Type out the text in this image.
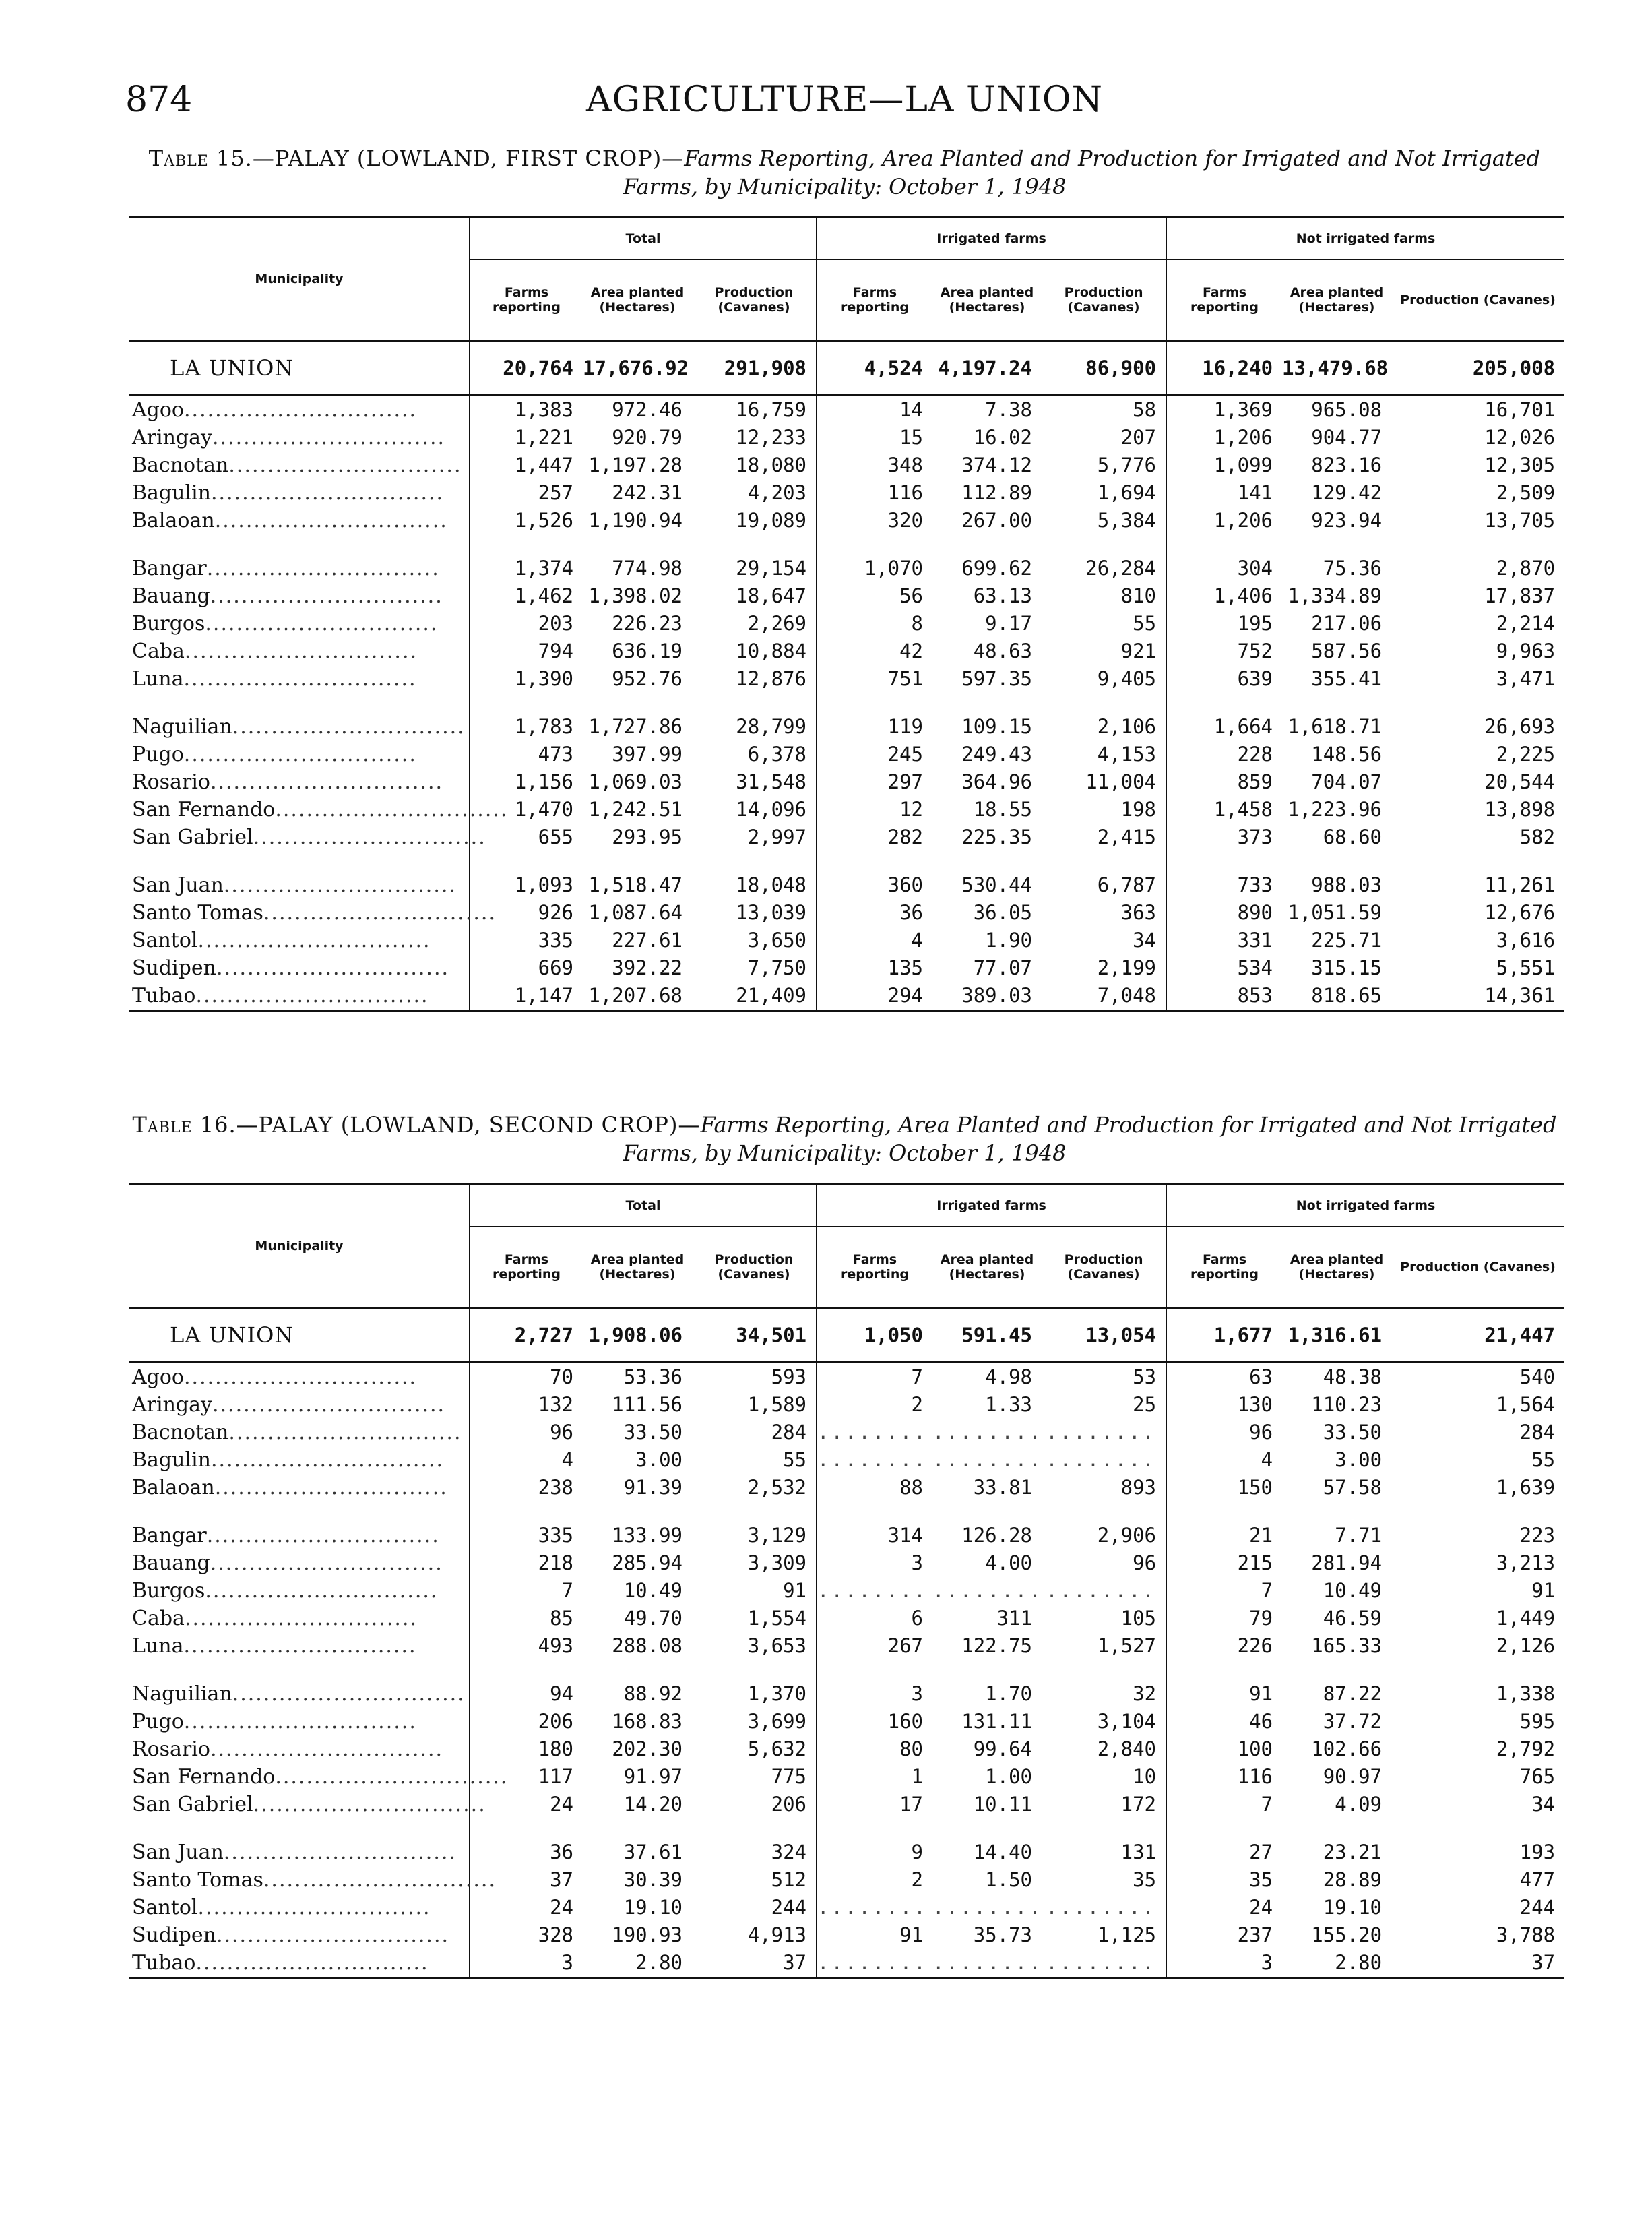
874	AGRICULTURE—LA UNION
Table 15.—PALAY (LOWLAND, FIRST CROP)—Farms Reporting, Area Planted and Production for Irrigated and Not Irrigated Farms, by Municipality: October 1, 1948
Municipality	Total			Irrigated farms			Not irrigated farms		
	Farms reporting	Area planted (Hectares)	Production (Cavanes)	Farms reporting	Area planted (Hectares)	Production (Cavanes)	Farms reporting	Area planted (Hectares)	Production (Cavanes)
LA UNION	20,764	17,676.92	291,908	4,524	4,197.24	86,900	16,240	13,479.68	205,008
Agoo..............................	1,383	972.46	16,759	14	7.38	58	1,369	965.08	16,701
Aringay..............................	1,221	920.79	12,233	15	16.02	207	1,206	904.77	12,026
Bacnotan..............................	1,447	1,197.28	18,080	348	374.12	5,776	1,099	823.16	12,305
Bagulin..............................	257	242.31	4,203	116	112.89	1,694	141	129.42	2,509
Balaoan..............................	1,526	1,190.94	19,089	320	267.00	5,384	1,206	923.94	13,705

Bangar..............................	1,374	774.98	29,154	1,070	699.62	26,284	304	75.36	2,870
Bauang..............................	1,462	1,398.02	18,647	56	63.13	810	1,406	1,334.89	17,837
Burgos..............................	203	226.23	2,269	8	9.17	55	195	217.06	2,214
Caba..............................	794	636.19	10,884	42	48.63	921	752	587.56	9,963
Luna..............................	1,390	952.76	12,876	751	597.35	9,405	639	355.41	3,471

Naguilian..............................	1,783	1,727.86	28,799	119	109.15	2,106	1,664	1,618.71	26,693
Pugo..............................	473	397.99	6,378	245	249.43	4,153	228	148.56	2,225
Rosario..............................	1,156	1,069.03	31,548	297	364.96	11,004	859	704.07	20,544
San Fernando..............................	1,470	1,242.51	14,096	12	18.55	198	1,458	1,223.96	13,898
San Gabriel..............................	655	293.95	2,997	282	225.35	2,415	373	68.60	582

San Juan..............................	1,093	1,518.47	18,048	360	530.44	6,787	733	988.03	11,261
Santo Tomas..............................	926	1,087.64	13,039	36	36.05	363	890	1,051.59	12,676
Santol..............................	335	227.61	3,650	4	1.90	34	331	225.71	3,616
Sudipen..............................	669	392.22	7,750	135	77.07	2,199	534	315.15	5,551
Tubao..............................	1,147	1,207.68	21,409	294	389.03	7,048	853	818.65	14,361
Table 16.—PALAY (LOWLAND, SECOND CROP)—Farms Reporting, Area Planted and Production for Irrigated and Not Irrigated Farms, by Municipality: October 1, 1948
Municipality	Total			Irrigated farms			Not irrigated farms		
	Farms reporting	Area planted (Hectares)	Production (Cavanes)	Farms reporting	Area planted (Hectares)	Production (Cavanes)	Farms reporting	Area planted (Hectares)	Production (Cavanes)
LA UNION	2,727	1,908.06	34,501	1,050	591.45	13,054	1,677	1,316.61	21,447
Agoo..............................	70	53.36	593	7	4.98	53	63	48.38	540
Aringay..............................	132	111.56	1,589	2	1.33	25	130	110.23	1,564
Bacnotan..............................	96	33.50	284	........	........	........	96	33.50	284
Bagulin..............................	4	3.00	55	........	........	........	4	3.00	55
Balaoan..............................	238	91.39	2,532	88	33.81	893	150	57.58	1,639

Bangar..............................	335	133.99	3,129	314	126.28	2,906	21	7.71	223
Bauang..............................	218	285.94	3,309	3	4.00	96	215	281.94	3,213
Burgos..............................	7	10.49	91	........	........	........	7	10.49	91
Caba..............................	85	49.70	1,554	6	311	105	79	46.59	1,449
Luna..............................	493	288.08	3,653	267	122.75	1,527	226	165.33	2,126

Naguilian..............................	94	88.92	1,370	3	1.70	32	91	87.22	1,338
Pugo..............................	206	168.83	3,699	160	131.11	3,104	46	37.72	595
Rosario..............................	180	202.30	5,632	80	99.64	2,840	100	102.66	2,792
San Fernando..............................	117	91.97	775	1	1.00	10	116	90.97	765
San Gabriel..............................	24	14.20	206	17	10.11	172	7	4.09	34

San Juan..............................	36	37.61	324	9	14.40	131	27	23.21	193
Santo Tomas..............................	37	30.39	512	2	1.50	35	35	28.89	477
Santol..............................	24	19.10	244	........	........	........	24	19.10	244
Sudipen..............................	328	190.93	4,913	91	35.73	1,125	237	155.20	3,788
Tubao..............................	3	2.80	37	........	........	........	3	2.80	37
